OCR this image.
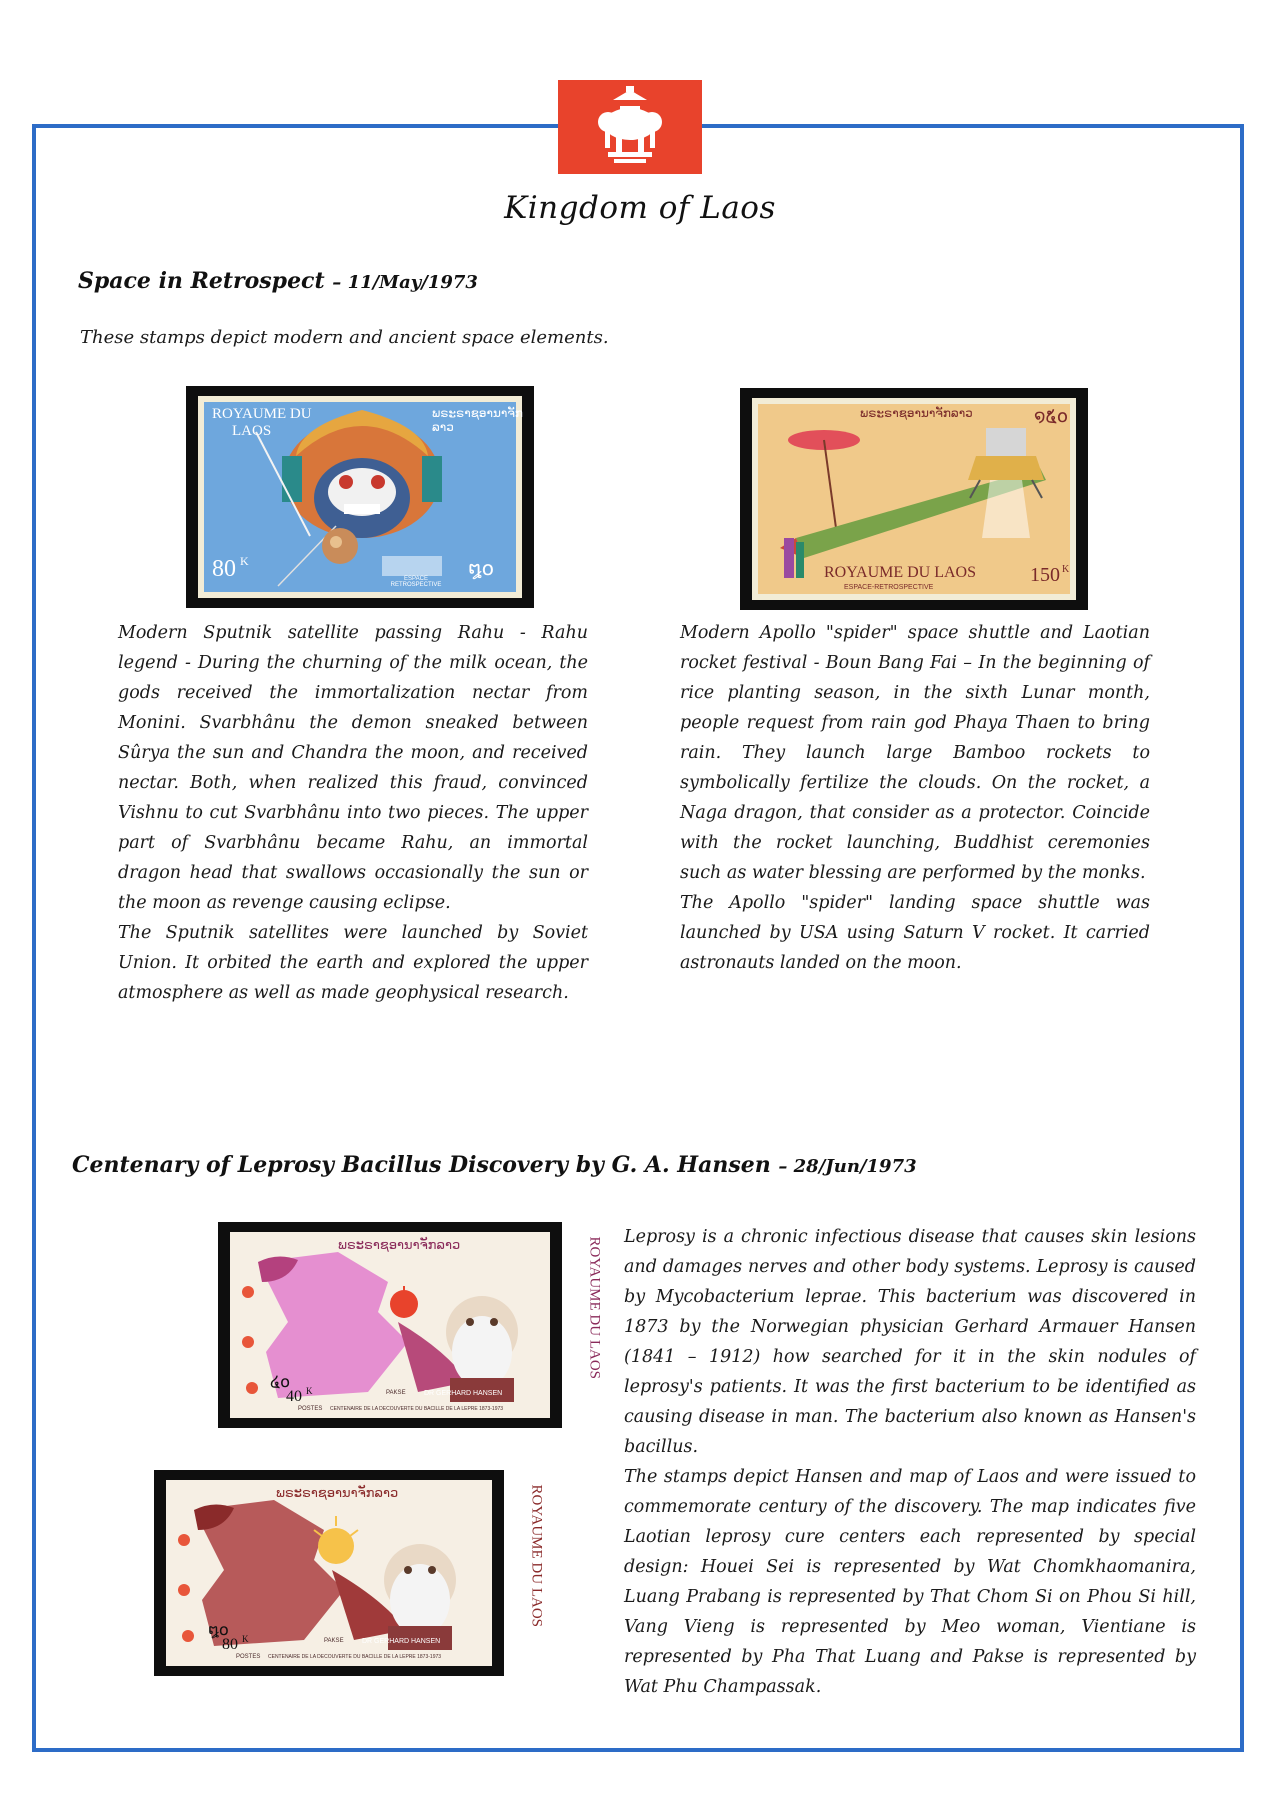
Kingdom of Laos
Space in Retrospect – 11/May/1973
These stamps depict modern and ancient space elements.
ROYAUME DU
LAOS
ພຣະຣາຊອານາຈັກລາວ
80 K	໘໐
ESPACE RETROSPECTIVE
ພຣະຣາຊອານາຈັກລາວ	໑໕໐
150 K
ROYAUME DU LAOS
ESPACE-RETROSPECTIVE

Modern Sputnik satellite passing Rahu - Rahu legend - During the churning of the milk ocean, the gods received the immortalization nectar from Monini. Svarbhânu the demon sneaked between Sûrya the sun and Chandra the moon, and received nectar. Both, when realized this fraud, convinced Vishnu to cut Svarbhânu into two pieces. The upper part of Svarbhânu became Rahu, an immortal dragon head that swallows occasionally the sun or the moon as revenge causing eclipse.

The Sputnik satellites were launched by Soviet Union. It orbited the earth and explored the upper atmosphere as well as made geophysical research.

Modern Apollo "spider" space shuttle and Laotian rocket festival - Boun Bang Fai – In the beginning of rice planting season, in the sixth Lunar month, people request from rain god Phaya Thaen to bring rain. They launch large Bamboo rockets to symbolically fertilize the clouds. On the rocket, a Naga dragon, that consider as a protector. Coincide with the rocket launching, Buddhist ceremonies such as water blessing are performed by the monks.

The Apollo "spider" landing space shuttle was launched by USA using Saturn V rocket. It carried astronauts landed on the moon.

Centenary of Leprosy Bacillus Discovery by G. A. Hansen – 28/Jun/1973
ພຣະຣາຊອານາຈັກລາວ	ROYAUME DU LAOS
໔໐
40 K	DR GERHARD HANSEN
PAKSE
POSTES CENTENAIRE DE LA DECOUVERTE DU BACILLE DE LA LEPRE 1873-1973
ພຣະຣາຊອານາຈັກລາວ	ROYAUME DU LAOS
໘໐
80 K	DR GERHARD HANSEN
PAKSE
POSTES CENTENAIRE DE LA DECOUVERTE DU BACILLE DE LA LEPRE 1873-1973

Leprosy is a chronic infectious disease that causes skin lesions and damages nerves and other body systems. Leprosy is caused by Mycobacterium leprae. This bacterium was discovered in 1873 by the Norwegian physician Gerhard Armauer Hansen (1841 – 1912) how searched for it in the skin nodules of leprosy's patients. It was the first bacterium to be identified as causing disease in man. The bacterium also known as Hansen's bacillus.

The stamps depict Hansen and map of Laos and were issued to commemorate century of the discovery. The map indicates five Laotian leprosy cure centers each represented by special design: Houei Sei is represented by Wat Chomkhaomanira, Luang Prabang is represented by That Chom Si on Phou Si hill, Vang Vieng is represented by Meo woman, Vientiane is represented by Pha That Luang and Pakse is represented by Wat Phu Champassak.
